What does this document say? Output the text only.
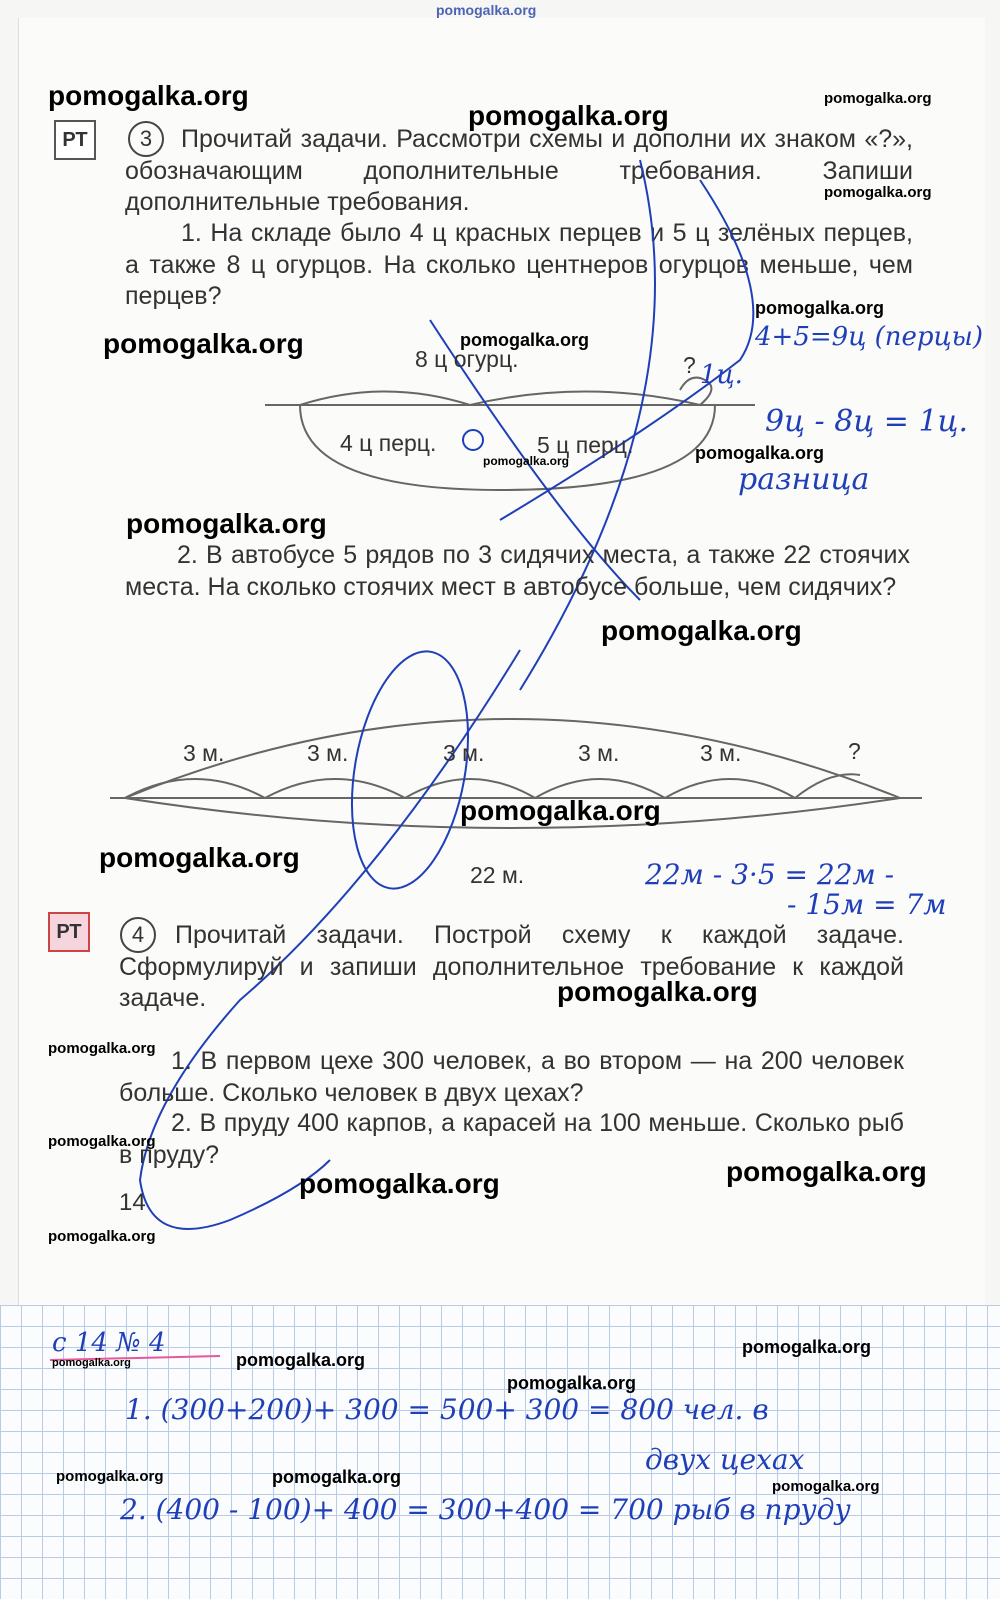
РТ	3	Прочитай задачи. Рассмотри схемы и дополни их знаком «?», обозначающим дополнительные требования. Запиши дополнительные требования.
1. На складе было 4 ц красных перцев и 5 ц зелёных перцев, а также 8 ц огурцов. На сколько центнеров огурцов меньше, чем перцев?
8 ц огурц.	?
4 ц перц.	5 ц перц.
2. В автобусе 5 рядов по 3 сидячих места, а также 22 стоячих места. На сколько стоячих мест в автобусе больше, чем сидячих?
3 м.	3 м.	3 м.	3 м.	3 м.	?
22 м.
РТ	4	Прочитай задачи. Построй схему к каждой задаче. Сформулируй и запиши дополнительное требование к каждой задаче.
1. В первом цехе 300 человек, а во втором — на 200 человек больше. Сколько человек в двух цехах?
2. В пруду 400 карпов, а карасей на 100 меньше. Сколько рыб в пруду?
14
1ц.
4+5=9ц (перцы)
9ц - 8ц = 1ц.
разница
22м - 3·5 = 22м -
- 15м = 7м
с 14 № 4
1. (300+200)+ 300 = 500+ 300 = 800 чел. в
двух цехах
2. (400 - 100)+ 400 = 300+400 = 700 рыб в пруду
pomogalka.org
pomogalka.org
pomogalka.org
pomogalka.org
pomogalka.org
pomogalka.org
pomogalka.org	pomogalka.org
pomogalka.org
pomogalka.org
pomogalka.org
pomogalka.org
pomogalka.org
pomogalka.org
pomogalka.org
pomogalka.org
pomogalka.org
pomogalka.org
pomogalka.org
pomogalka.org
pomogalka.org
pomogalka.org
pomogalka.org
pomogalka.org
pomogalka.org	pomogalka.org	pomogalka.org
